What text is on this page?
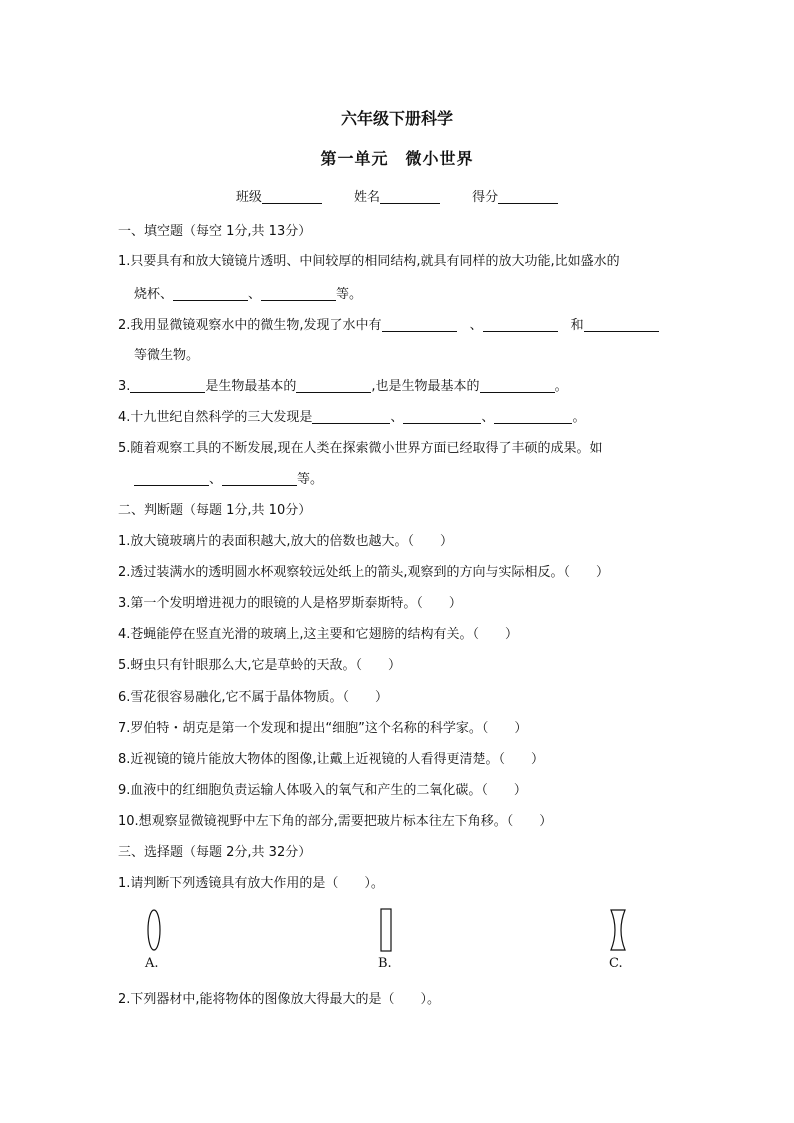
六年级下册科学
第一单元　微小世界
班级	姓名	得分
一、填空题（每空 1分,共 13分）
1.只要具有和放大镜镜片透明、中间较厚的相同结构,就具有同样的放大功能,比如盛水的
烧杯、	、	等。
2.我用显微镜观察水中的微生物,发现了水中有　	、　	和
等微生物。
3.	是生物最基本的	,也是生物最基本的	。
4.十九世纪自然科学的三大发现是	、	、	。
5.随着观察工具的不断发展,现在人类在探索微小世界方面已经取得了丰硕的成果。如
、	等。
二、判断题（每题 1分,共 10分）
1.放大镜玻璃片的表面积越大,放大的倍数也越大。（　　）
2.透过装满水的透明圆水杯观察较远处纸上的箭头,观察到的方向与实际相反。（　　）
3.第一个发明增进视力的眼镜的人是格罗斯泰斯特。（　　）
4.苍蝇能停在竖直光滑的玻璃上,这主要和它翅膀的结构有关。（　　）
5.蚜虫只有针眼那么大,它是草蛉的天敌。（　　）
6.雪花很容易融化,它不属于晶体物质。（　　）
7.罗伯特・胡克是第一个发现和提出“细胞”这个名称的科学家。（　　）
8.近视镜的镜片能放大物体的图像,让戴上近视镜的人看得更清楚。（　　）
9.血液中的红细胞负责运输人体吸入的氧气和产生的二氧化碳。（　　）
10.想观察显微镜视野中左下角的部分,需要把玻片标本往左下角移。（　　）
三、选择题（每题 2分,共 32分）
1.请判断下列透镜具有放大作用的是（　　）。
A.	B.	C.
2.下列器材中,能将物体的图像放大得最大的是（　　）。
